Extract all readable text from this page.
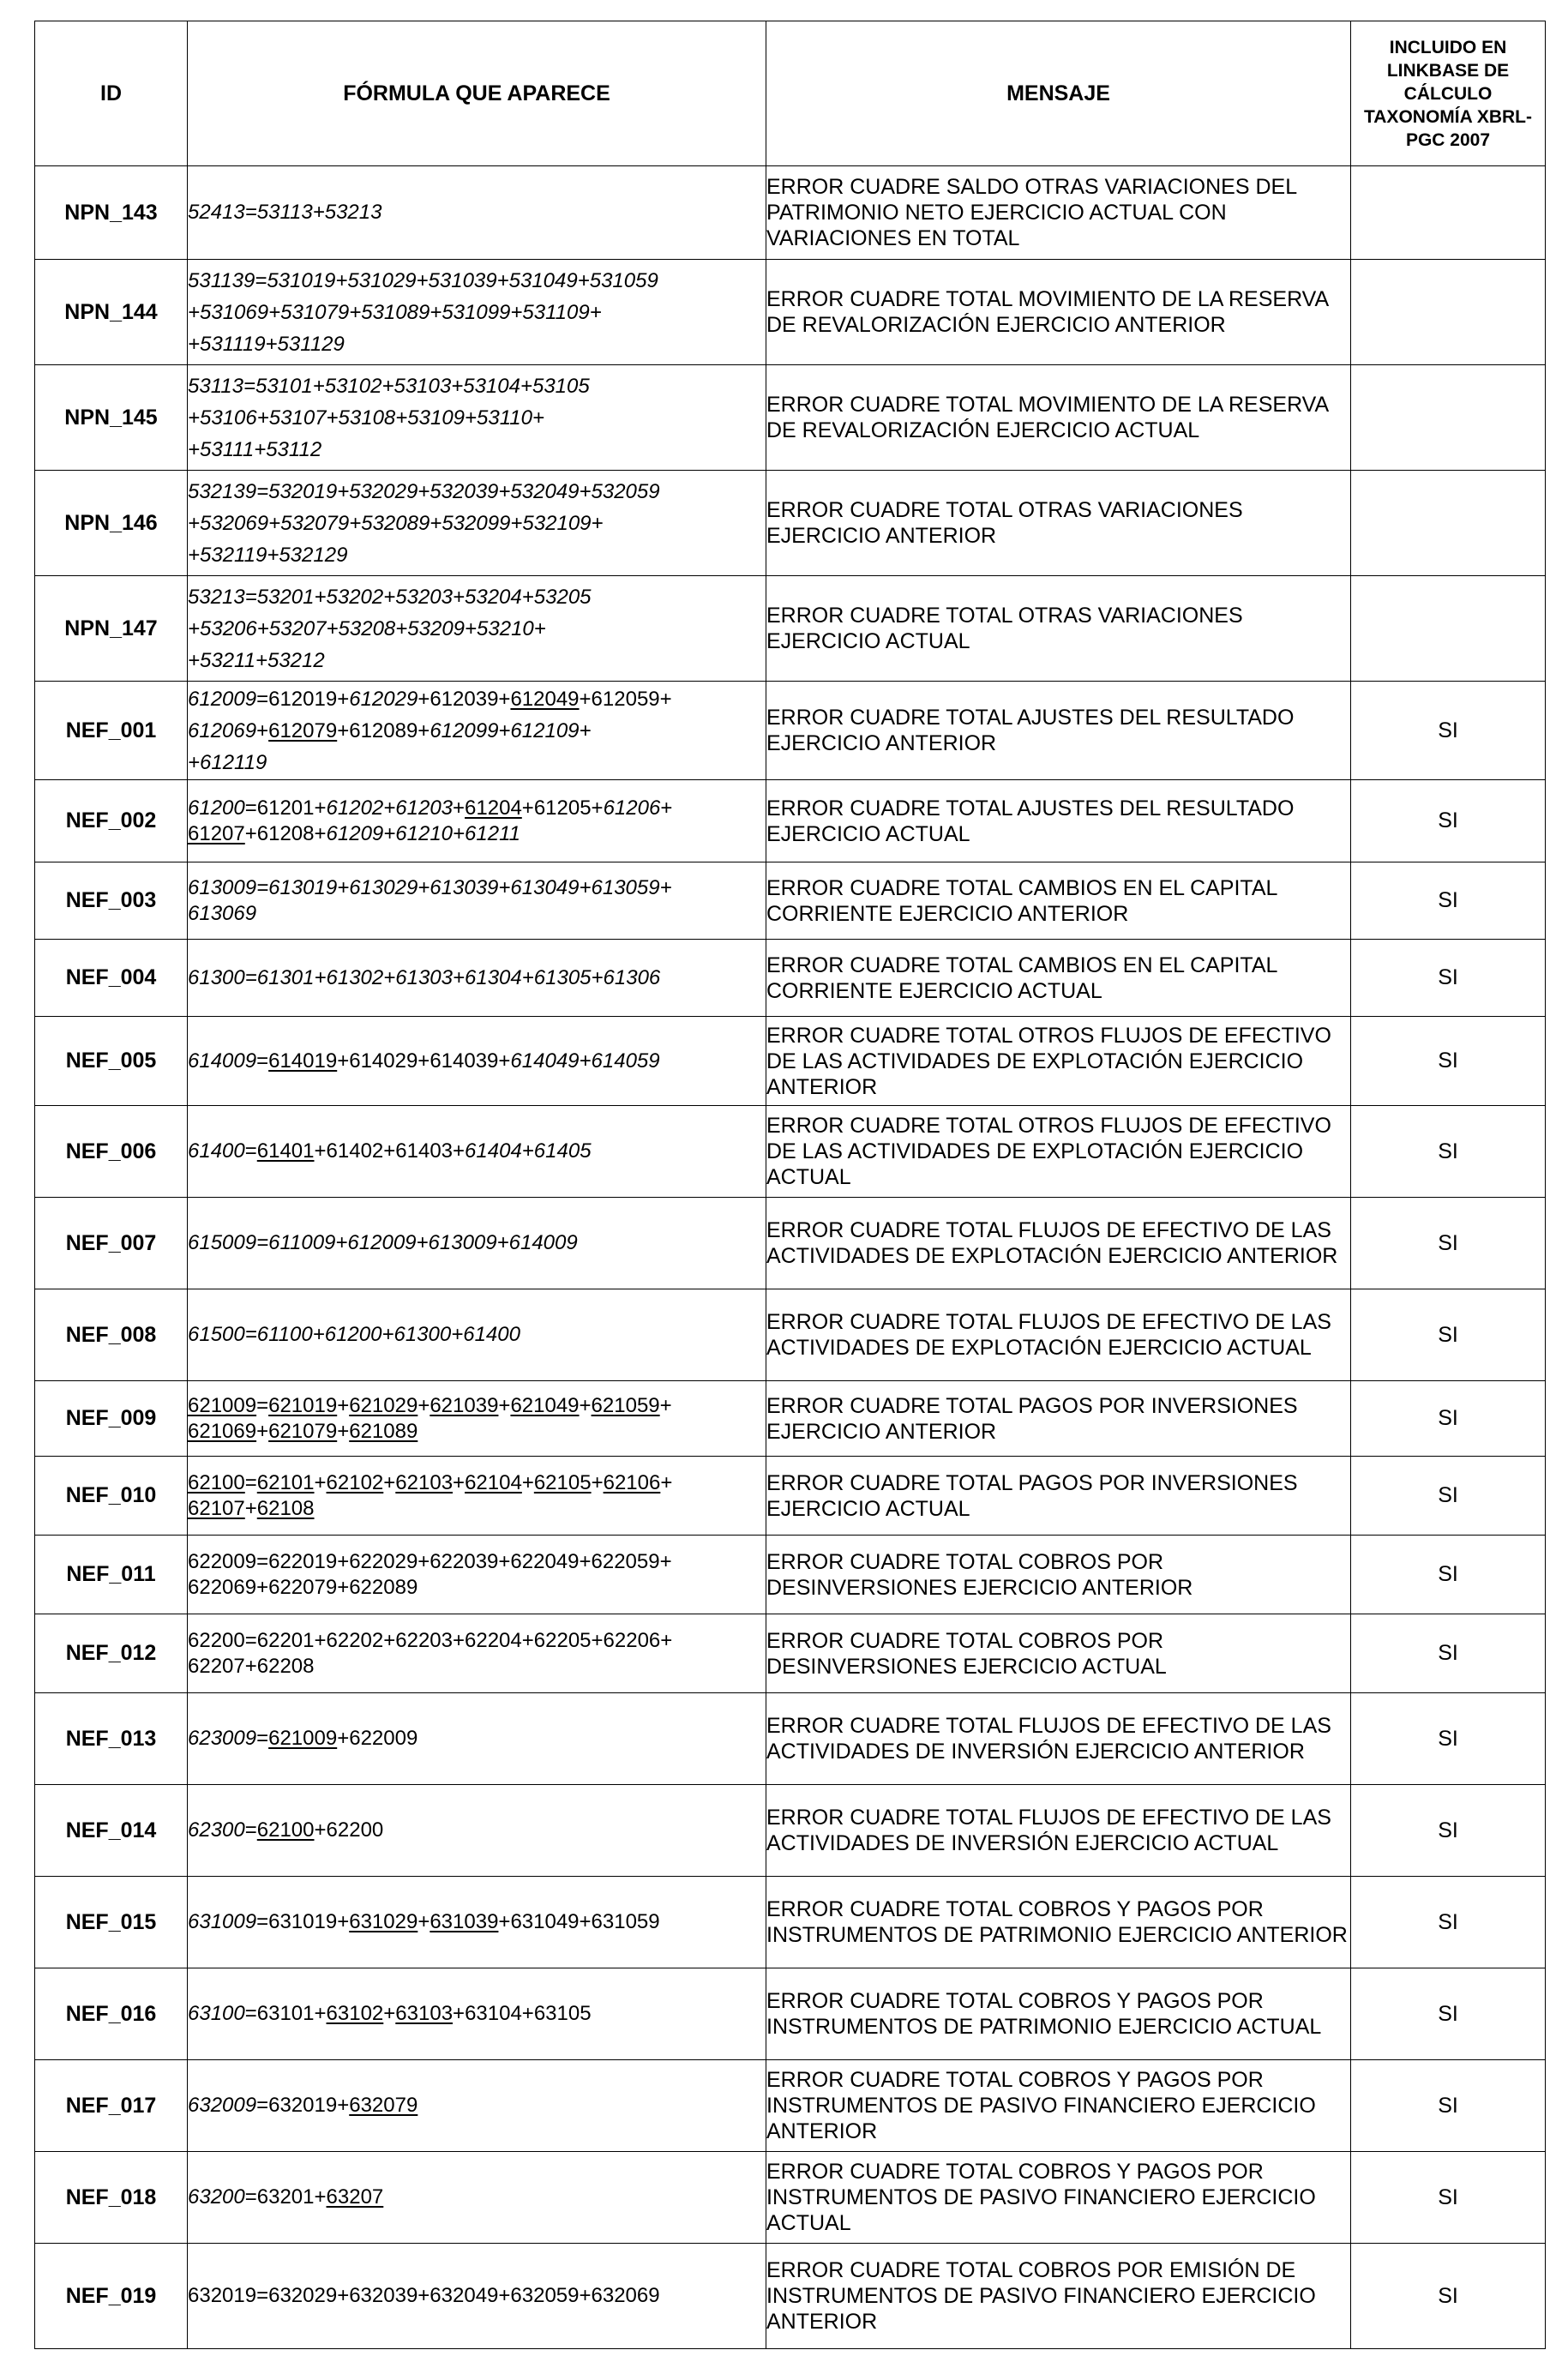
ID	FÓRMULA QUE APARECE	MENSAJE	INCLUIDO EN LINKBASE DE CÁLCULO TAXONOMÍA XBRL-PGC 2007
NPN_143	52413=53113+53213	ERROR CUADRE SALDO OTRAS VARIACIONES DEL PATRIMONIO NETO EJERCICIO ACTUAL CON VARIACIONES EN TOTAL	
NPN_144	531139=531019+531029+531039+531049+531059
+531069+531079+531089+531099+531109+
+531119+531129	ERROR CUADRE TOTAL MOVIMIENTO DE LA RESERVA DE REVALORIZACIÓN EJERCICIO ANTERIOR	
NPN_145	53113=53101+53102+53103+53104+53105
+53106+53107+53108+53109+53110+
+53111+53112	ERROR CUADRE TOTAL MOVIMIENTO DE LA RESERVA DE REVALORIZACIÓN EJERCICIO ACTUAL	
NPN_146	532139=532019+532029+532039+532049+532059
+532069+532079+532089+532099+532109+
+532119+532129	ERROR CUADRE TOTAL OTRAS VARIACIONES EJERCICIO ANTERIOR	
NPN_147	53213=53201+53202+53203+53204+53205
+53206+53207+53208+53209+53210+
+53211+53212	ERROR CUADRE TOTAL OTRAS VARIACIONES EJERCICIO ACTUAL	
NEF_001	612009=612019+612029+612039+612049+612059+
612069+612079+612089+612099+612109+
+612119	ERROR CUADRE TOTAL AJUSTES DEL RESULTADO EJERCICIO ANTERIOR	SI
NEF_002	61200=61201+61202+61203+61204+61205+61206+
61207+61208+61209+61210+61211	ERROR CUADRE TOTAL AJUSTES DEL RESULTADO EJERCICIO ACTUAL	SI
NEF_003	613009=613019+613029+613039+613049+613059+
613069	ERROR CUADRE TOTAL CAMBIOS EN EL CAPITAL CORRIENTE EJERCICIO ANTERIOR	SI
NEF_004	61300=61301+61302+61303+61304+61305+61306	ERROR CUADRE TOTAL CAMBIOS EN EL CAPITAL CORRIENTE EJERCICIO ACTUAL	SI
NEF_005	614009=614019+614029+614039+614049+614059	ERROR CUADRE TOTAL OTROS FLUJOS DE EFECTIVO DE LAS ACTIVIDADES DE EXPLOTACIÓN EJERCICIO ANTERIOR	SI
NEF_006	61400=61401+61402+61403+61404+61405	ERROR CUADRE TOTAL OTROS FLUJOS DE EFECTIVO DE LAS ACTIVIDADES DE EXPLOTACIÓN EJERCICIO ACTUAL	SI
NEF_007	615009=611009+612009+613009+614009	ERROR CUADRE TOTAL FLUJOS DE EFECTIVO DE LAS ACTIVIDADES DE EXPLOTACIÓN EJERCICIO ANTERIOR	SI
NEF_008	61500=61100+61200+61300+61400	ERROR CUADRE TOTAL FLUJOS DE EFECTIVO DE LAS ACTIVIDADES DE EXPLOTACIÓN EJERCICIO ACTUAL	SI
NEF_009	621009=621019+621029+621039+621049+621059+
621069+621079+621089	ERROR CUADRE TOTAL PAGOS POR INVERSIONES EJERCICIO ANTERIOR	SI
NEF_010	62100=62101+62102+62103+62104+62105+62106+
62107+62108	ERROR CUADRE TOTAL PAGOS POR INVERSIONES EJERCICIO ACTUAL	SI
NEF_011	622009=622019+622029+622039+622049+622059+
622069+622079+622089	ERROR CUADRE TOTAL COBROS POR DESINVERSIONES EJERCICIO ANTERIOR	SI
NEF_012	62200=62201+62202+62203+62204+62205+62206+
62207+62208	ERROR CUADRE TOTAL COBROS POR DESINVERSIONES EJERCICIO ACTUAL	SI
NEF_013	623009=621009+622009	ERROR CUADRE TOTAL FLUJOS DE EFECTIVO DE LAS ACTIVIDADES DE INVERSIÓN EJERCICIO ANTERIOR	SI
NEF_014	62300=62100+62200	ERROR CUADRE TOTAL FLUJOS DE EFECTIVO DE LAS ACTIVIDADES DE INVERSIÓN EJERCICIO ACTUAL	SI
NEF_015	631009=631019+631029+631039+631049+631059	ERROR CUADRE TOTAL COBROS Y PAGOS POR INSTRUMENTOS DE PATRIMONIO EJERCICIO ANTERIOR	SI
NEF_016	63100=63101+63102+63103+63104+63105	ERROR CUADRE TOTAL COBROS Y PAGOS POR INSTRUMENTOS DE PATRIMONIO EJERCICIO ACTUAL	SI
NEF_017	632009=632019+632079	ERROR CUADRE TOTAL COBROS Y PAGOS POR INSTRUMENTOS DE PASIVO FINANCIERO EJERCICIO ANTERIOR	SI
NEF_018	63200=63201+63207	ERROR CUADRE TOTAL COBROS Y PAGOS POR INSTRUMENTOS DE PASIVO FINANCIERO EJERCICIO ACTUAL	SI
NEF_019	632019=632029+632039+632049+632059+632069	ERROR CUADRE TOTAL COBROS POR EMISIÓN DE INSTRUMENTOS DE PASIVO FINANCIERO EJERCICIO ANTERIOR	SI
